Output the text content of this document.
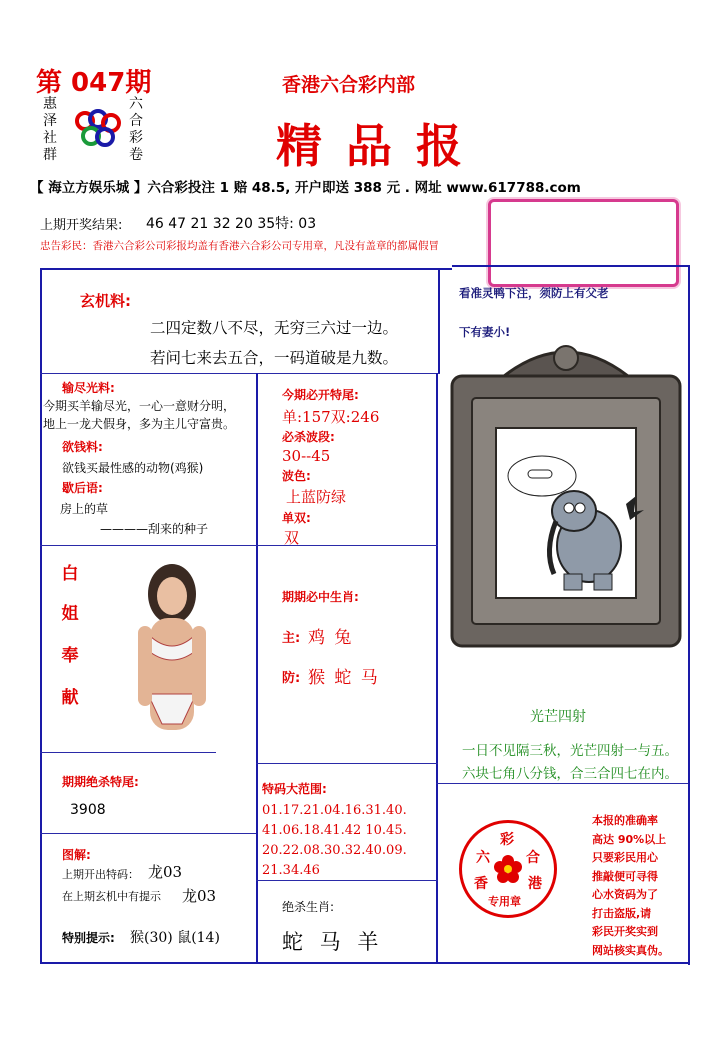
第 047期	香港六合彩内部
精 品 报
惠
泽
社
群
六
合
彩
卷
【 海立方娱乐城 】六合彩投注 1 赔 48.5, 开户即送 388 元 . 网址 www.617788.com
上期开奖结果: 46 47 21 32 20 35特: 03
忠告彩民：香港六合彩公司彩报均盖有香港六合彩公司专用章，凡没有盖章的都属假冒
玄机料:
二四定数八不尽，无穷三六过一边。
若问七来去五合，一码道破是九数。
输尽光料:
今期买羊输尽光，一心一意财分明，
地上一龙犬假身，多为主儿守富贵。
欲钱料:
欲钱买最性感的动物(鸡猴)
歇后语:
房上的草
————刮来的种子
今期必开特尾:
单:157双:246
必杀波段:
30--45
波色:
上蓝防绿
单双:
双
白
姐
奉
献
期期必中生肖:
主: 鸡 兔
防: 猴 蛇 马
期期绝杀特尾:
3908
特码大范围:
01.17.21.04.16.31.40.
41.06.18.41.42 10.45.
20.22.08.30.32.40.09.
21.34.46
图解:
上期开出特码： 龙03
在上期玄机中有提示 龙03
特别提示: 猴(30) 鼠(14)
绝杀生肖:
蛇 马 羊
看准灵鸭下注，须防上有父老
下有妻小!
光芒四射
一日不见隔三秋，光芒四射一与五。
六块七角八分钱，合三合四七在内。
六
彩
合
香	港
专用章
本报的准确率
高达 90%以上
只要彩民用心
推敲便可寻得
心水资码为了
打击盗版,请
彩民开奖实到
网站核实真伪。
